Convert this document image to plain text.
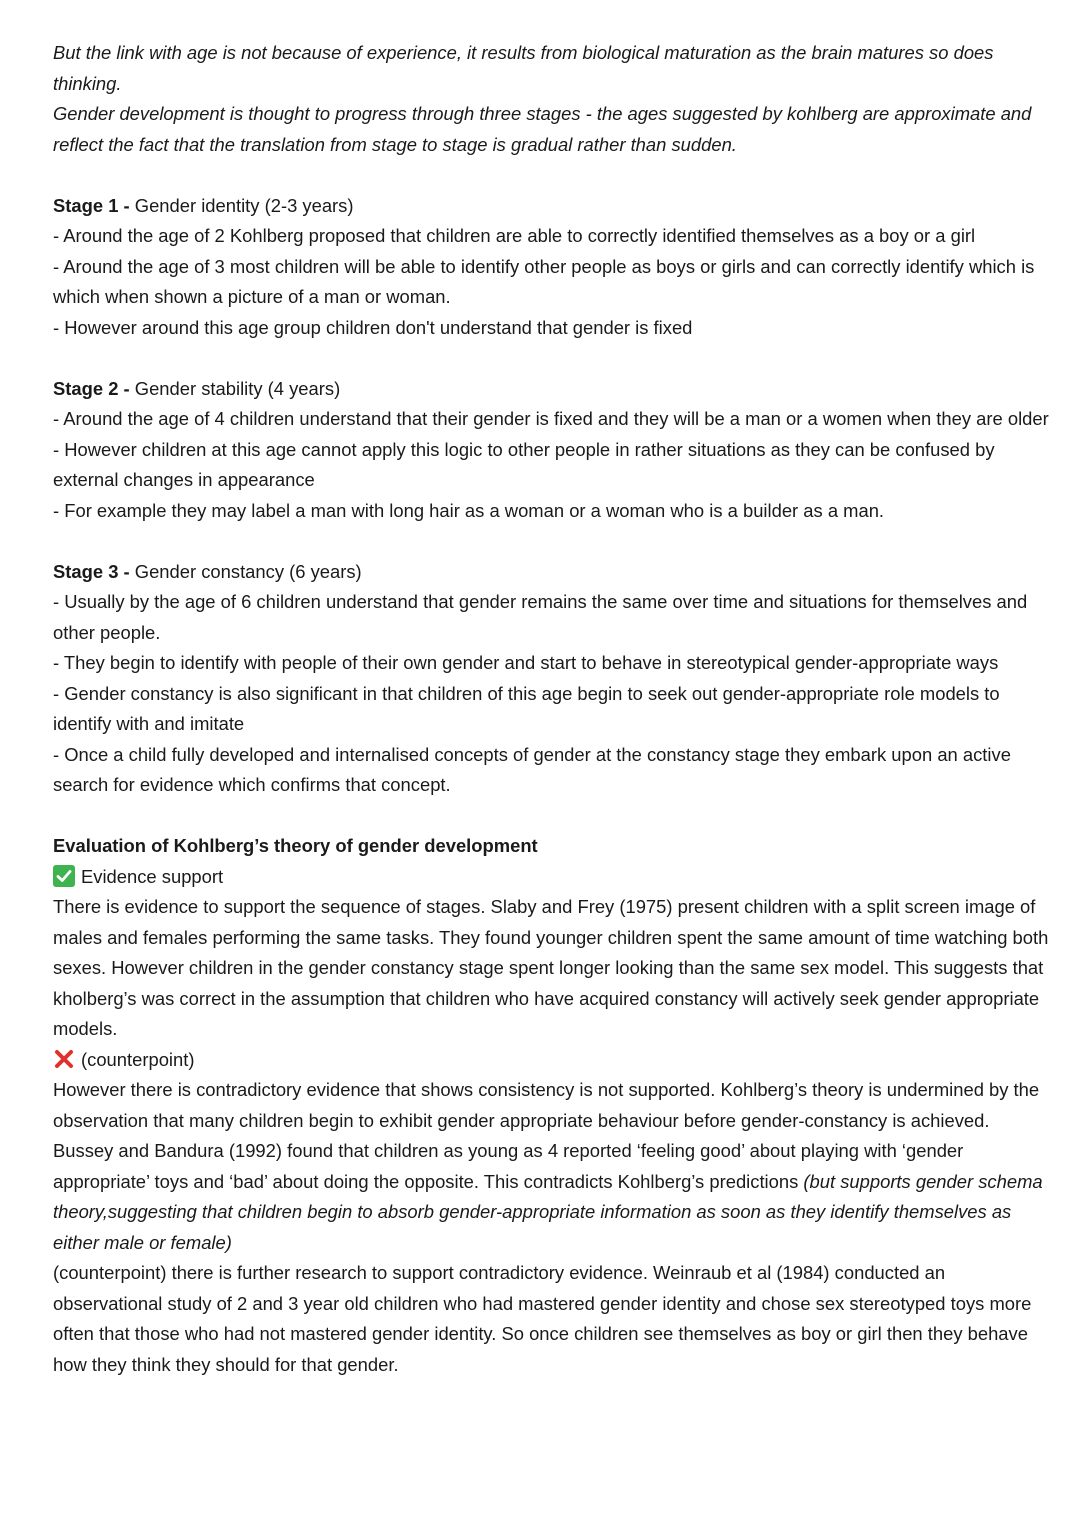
But the link with age is not because of experience, it results from biological maturation as the brain matures so does thinking.

Gender development is thought to progress through three stages - the ages suggested by kohlberg are approximate and reflect the fact that the translation from stage to stage is gradual rather than sudden.

Stage 1 - Gender identity (2-3 years)

- Around the age of 2 Kohlberg proposed that children are able to correctly identified themselves as a boy or a girl

- Around the age of 3 most children will be able to identify other people as boys or girls and can correctly identify which is which when shown a picture of a man or woman.

- However around this age group children don't understand that gender is fixed

Stage 2 - Gender stability (4 years)

- Around the age of 4 children understand that their gender is fixed and they will be a man or a women when they are older

- However children at this age cannot apply this logic to other people in rather situations as they can be confused by external changes in appearance

- For example they may label a man with long hair as a woman or a woman who is a builder as a man.

Stage 3 - Gender constancy (6 years)

- Usually by the age of 6 children understand that gender remains the same over time and situations for themselves and other people.

- They begin to identify with people of their own gender and start to behave in stereotypical gender-appropriate ways

- Gender constancy is also significant in that children of this age begin to seek out gender-appropriate role models to identify with and imitate

- Once a child fully developed and internalised concepts of gender at the constancy stage they embark upon an active search for evidence which confirms that concept.

Evaluation of Kohlberg’s theory of gender development

Evidence support

There is evidence to support the sequence of stages. Slaby and Frey (1975) present children with a split screen image of males and females performing the same tasks. They found younger children spent the same amount of time watching both sexes. However children in the gender constancy stage spent longer looking than the same sex model. This suggests that kholberg’s was correct in the assumption that children who have acquired constancy will actively seek gender appropriate models.

(counterpoint)

However there is contradictory evidence that shows consistency is not supported. Kohlberg’s theory is undermined by the observation that many children begin to exhibit gender appropriate behaviour before gender-constancy is achieved. Bussey and Bandura (1992) found that children as young as 4 reported ‘feeling good’ about playing with ‘gender appropriate’ toys and ‘bad’ about doing the opposite. This contradicts Kohlberg’s predictions (but supports gender schema theory,suggesting that children begin to absorb gender-appropriate information as soon as they identify themselves as either male or female)

(counterpoint) there is further research to support contradictory evidence. Weinraub et al (1984) conducted an observational study of 2 and 3 year old children who had mastered gender identity and chose sex stereotyped toys more often that those who had not mastered gender identity. So once children see themselves as boy or girl then they behave how they think they should for that gender.
